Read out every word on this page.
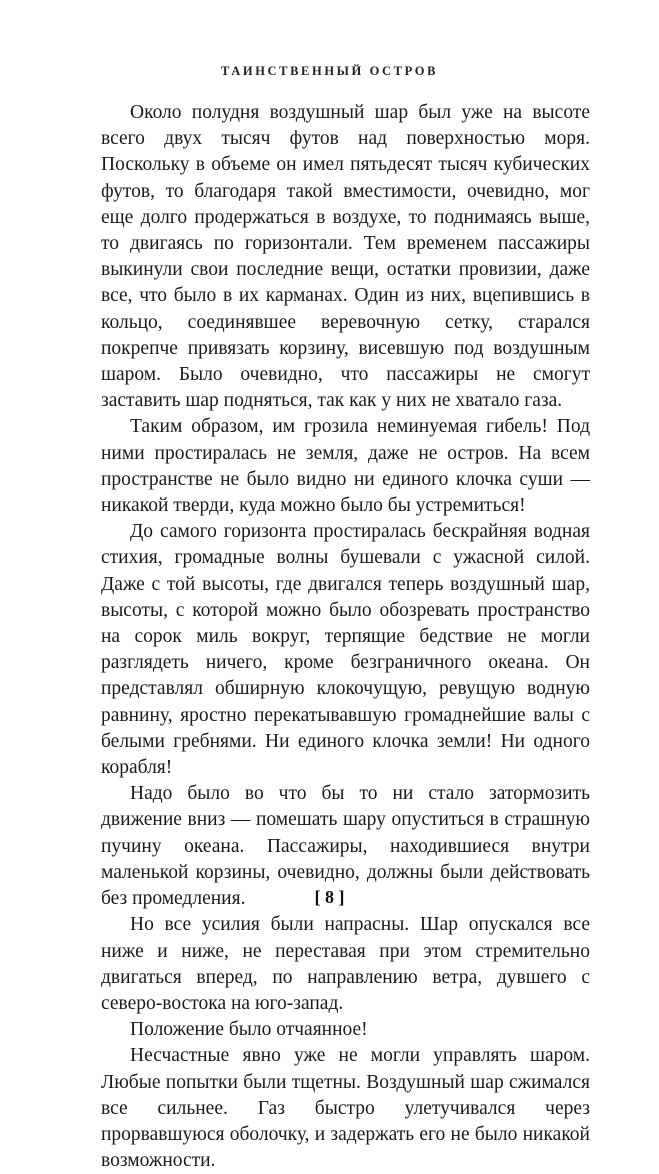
ТАИНСТВЕННЫЙ ОСТРОВ

Около полудня воздушный шар был уже на высоте всего двух тысяч футов над поверхностью моря. Поскольку в объеме он имел пятьдесят тысяч кубических футов, то благодаря такой вместимости, очевидно, мог еще долго продержаться в воздухе, то поднимаясь выше, то двигаясь по горизонтали. Тем временем пассажиры выкинули свои последние вещи, остатки провизии, даже все, что было в их карманах. Один из них, вцепившись в кольцо, соединявшее веревочную сетку, старался покрепче привязать корзину, висевшую под воздушным шаром. Было очевидно, что пассажиры не смогут заставить шар подняться, так как у них не хватало газа.

Таким образом, им грозила неминуемая гибель! Под ними простиралась не земля, даже не остров. На всем пространстве не было видно ни единого клочка суши — никакой тверди, куда можно было бы устремиться!

До самого горизонта простиралась бескрайняя водная стихия, громадные волны бушевали с ужасной силой. Даже с той высоты, где двигался теперь воздушный шар, высоты, с которой можно было обозревать пространство на сорок миль вокруг, терпящие бедствие не могли разглядеть ничего, кроме безграничного океана. Он представлял обширную клокочущую, ревущую водную равнину, яростно перекатывавшую громаднейшие валы с белыми гребнями. Ни единого клочка земли! Ни одного корабля!

Надо было во что бы то ни стало затормозить движение вниз — помешать шару опуститься в страшную пучину океана. Пассажиры, находившиеся внутри маленькой корзины, очевидно, должны были действовать без промедления.

Но все усилия были напрасны. Шар опускался все ниже и ниже, не переставая при этом стремительно двигаться вперед, по направлению ветра, дувшего с северо-востока на юго-запад.

Положение было отчаянное!

Несчастные явно уже не могли управлять шаром. Любые попытки были тщетны. Воздушный шар сжимался все сильнее. Газ быстро улетучивался через прорвавшуюся оболочку, и задержать его не было никакой возможности.

[ 8 ]
